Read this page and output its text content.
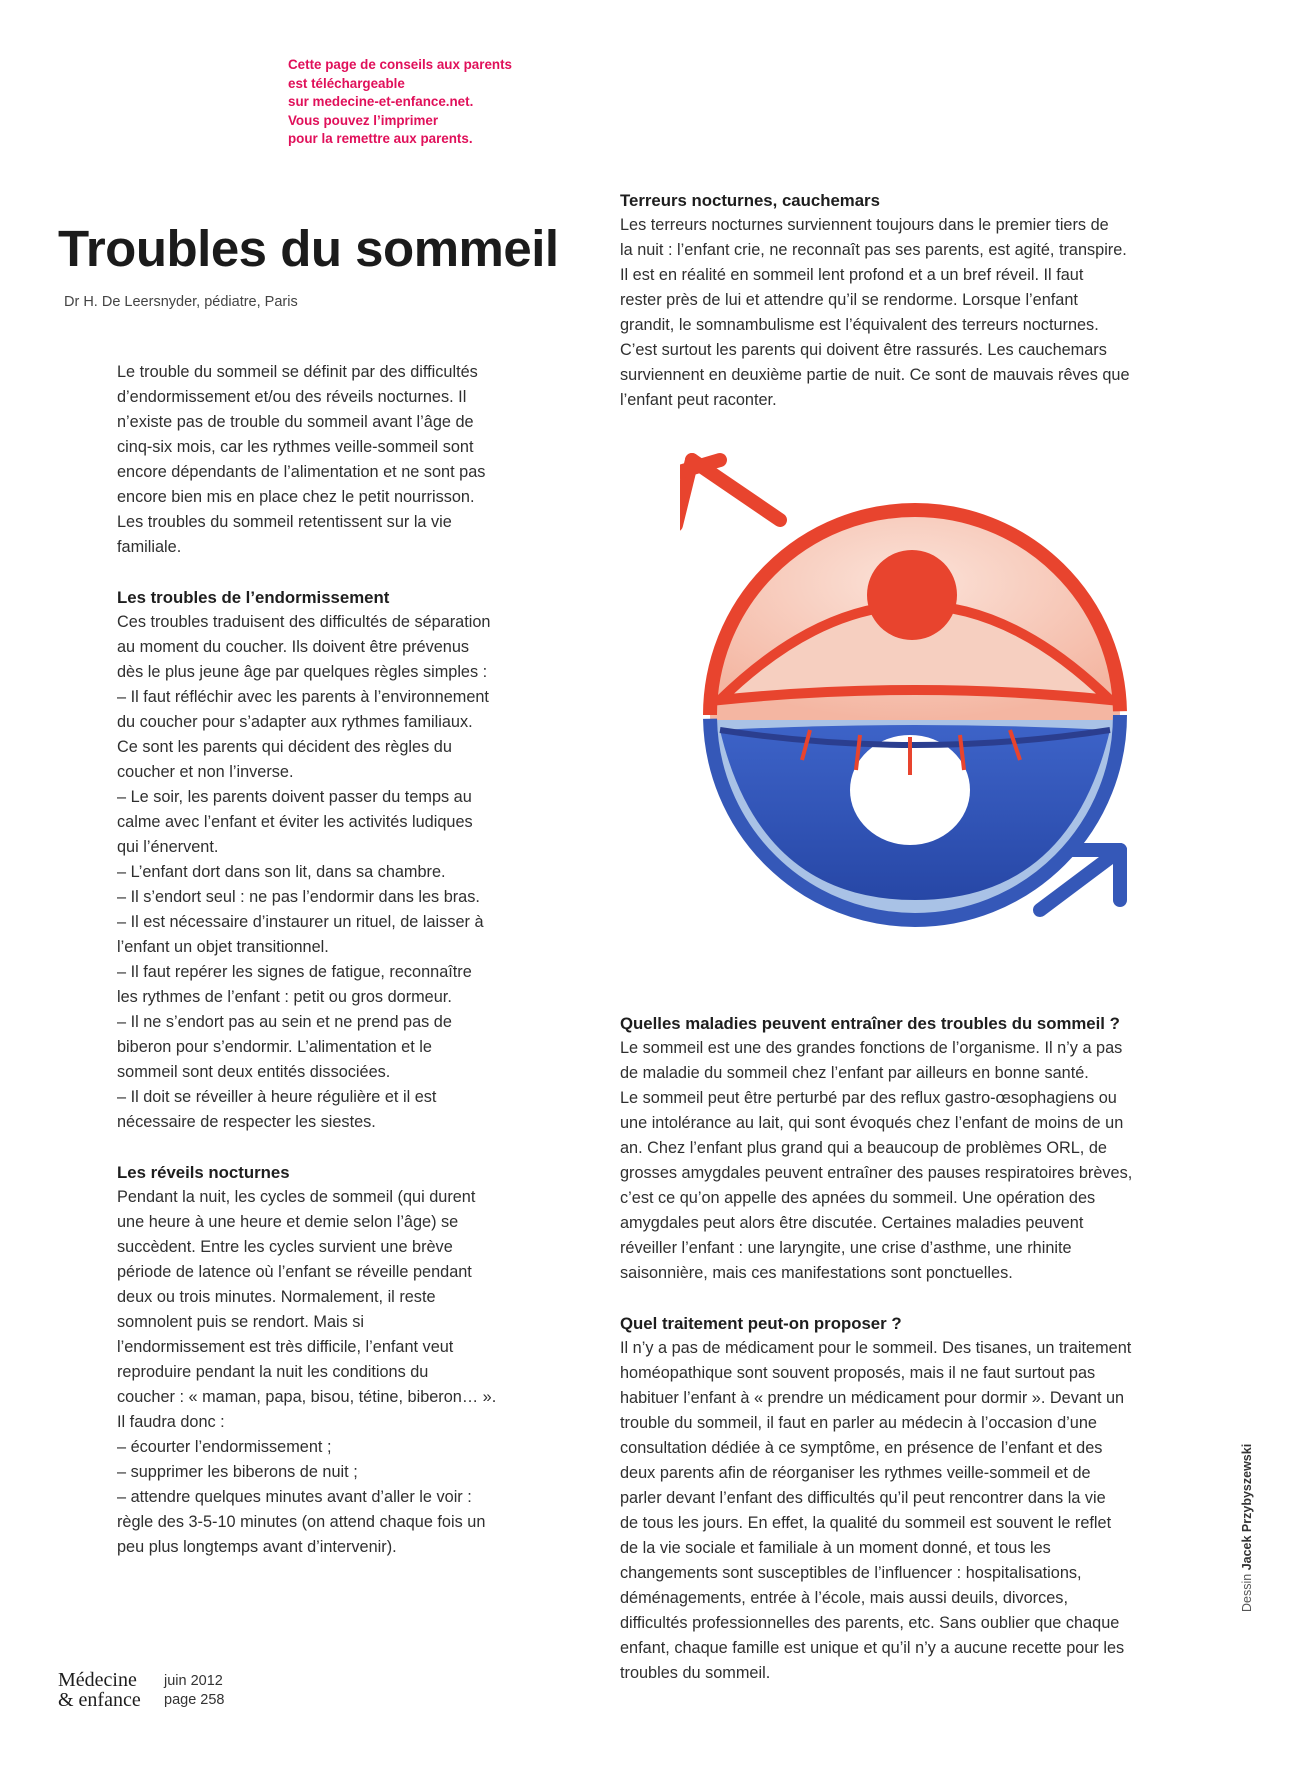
Cette page de conseils aux parents
est téléchargeable
sur medecine-et-enfance.net.
Vous pouvez l’imprimer
pour la remettre aux parents.
Troubles du sommeil
Dr H. De Leersnyder, pédiatre, Paris
Le trouble du sommeil se définit par des difficultés
d’endormissement et/ou des réveils nocturnes. Il
n’existe pas de trouble du sommeil avant l’âge de
cinq-six mois, car les rythmes veille-sommeil sont
encore dépendants de l’alimentation et ne sont pas
encore bien mis en place chez le petit nourrisson.
Les troubles du sommeil retentissent sur la vie
familiale.
Les troubles de l’endormissement
Ces troubles traduisent des difficultés de séparation
au moment du coucher. Ils doivent être prévenus
dès le plus jeune âge par quelques règles simples :
– Il faut réfléchir avec les parents à l’environnement
du coucher pour s’adapter aux rythmes familiaux.
Ce sont les parents qui décident des règles du
coucher et non l’inverse.
– Le soir, les parents doivent passer du temps au
calme avec l’enfant et éviter les activités ludiques
qui l’énervent.
– L’enfant dort dans son lit, dans sa chambre.
– Il s’endort seul : ne pas l’endormir dans les bras.
– Il est nécessaire d’instaurer un rituel, de laisser à
l’enfant un objet transitionnel.
– Il faut repérer les signes de fatigue, reconnaître
les rythmes de l’enfant : petit ou gros dormeur.
– Il ne s’endort pas au sein et ne prend pas de
biberon pour s’endormir. L’alimentation et le
sommeil sont deux entités dissociées.
– Il doit se réveiller à heure régulière et il est
nécessaire de respecter les siestes.
Les réveils nocturnes
Pendant la nuit, les cycles de sommeil (qui durent
une heure à une heure et demie selon l’âge) se
succèdent. Entre les cycles survient une brève
période de latence où l’enfant se réveille pendant
deux ou trois minutes. Normalement, il reste
somnolent puis se rendort. Mais si
l’endormissement est très difficile, l’enfant veut
reproduire pendant la nuit les conditions du
coucher : « maman, papa, bisou, tétine, biberon… ».
Il faudra donc :
– écourter l’endormissement ;
– supprimer les biberons de nuit ;
– attendre quelques minutes avant d’aller le voir :
règle des 3-5-10 minutes (on attend chaque fois un
peu plus longtemps avant d’intervenir).
Terreurs nocturnes, cauchemars
Les terreurs nocturnes surviennent toujours dans le premier tiers de
la nuit : l’enfant crie, ne reconnaît pas ses parents, est agité, transpire.
Il est en réalité en sommeil lent profond et a un bref réveil. Il faut
rester près de lui et attendre qu’il se rendorme. Lorsque l’enfant
grandit, le somnambulisme est l’équivalent des terreurs nocturnes.
C’est surtout les parents qui doivent être rassurés. Les cauchemars
surviennent en deuxième partie de nuit. Ce sont de mauvais rêves que
l’enfant peut raconter.
Quelles maladies peuvent entraîner des troubles du sommeil ?
Le sommeil est une des grandes fonctions de l’organisme. Il n’y a pas
de maladie du sommeil chez l’enfant par ailleurs en bonne santé.
Le sommeil peut être perturbé par des reflux gastro-œsophagiens ou
une intolérance au lait, qui sont évoqués chez l’enfant de moins de un
an. Chez l’enfant plus grand qui a beaucoup de problèmes ORL, de
grosses amygdales peuvent entraîner des pauses respiratoires brèves,
c’est ce qu’on appelle des apnées du sommeil. Une opération des
amygdales peut alors être discutée. Certaines maladies peuvent
réveiller l’enfant : une laryngite, une crise d’asthme, une rhinite
saisonnière, mais ces manifestations sont ponctuelles.
Quel traitement peut-on proposer ?
Il n’y a pas de médicament pour le sommeil. Des tisanes, un traitement
homéopathique sont souvent proposés, mais il ne faut surtout pas
habituer l’enfant à « prendre un médicament pour dormir ». Devant un
trouble du sommeil, il faut en parler au médecin à l’occasion d’une
consultation dédiée à ce symptôme, en présence de l’enfant et des
deux parents afin de réorganiser les rythmes veille-sommeil et de
parler devant l’enfant des difficultés qu’il peut rencontrer dans la vie
de tous les jours. En effet, la qualité du sommeil est souvent le reflet
de la vie sociale et familiale à un moment donné, et tous les
changements sont susceptibles de l’influencer : hospitalisations,
déménagements, entrée à l’école, mais aussi deuils, divorces,
difficultés professionnelles des parents, etc. Sans oublier que chaque
enfant, chaque famille est unique et qu’il n’y a aucune recette pour les
troubles du sommeil.
Dessin Jacek Przybyszewski
Médecine
& enfance
juin 2012
page 258
